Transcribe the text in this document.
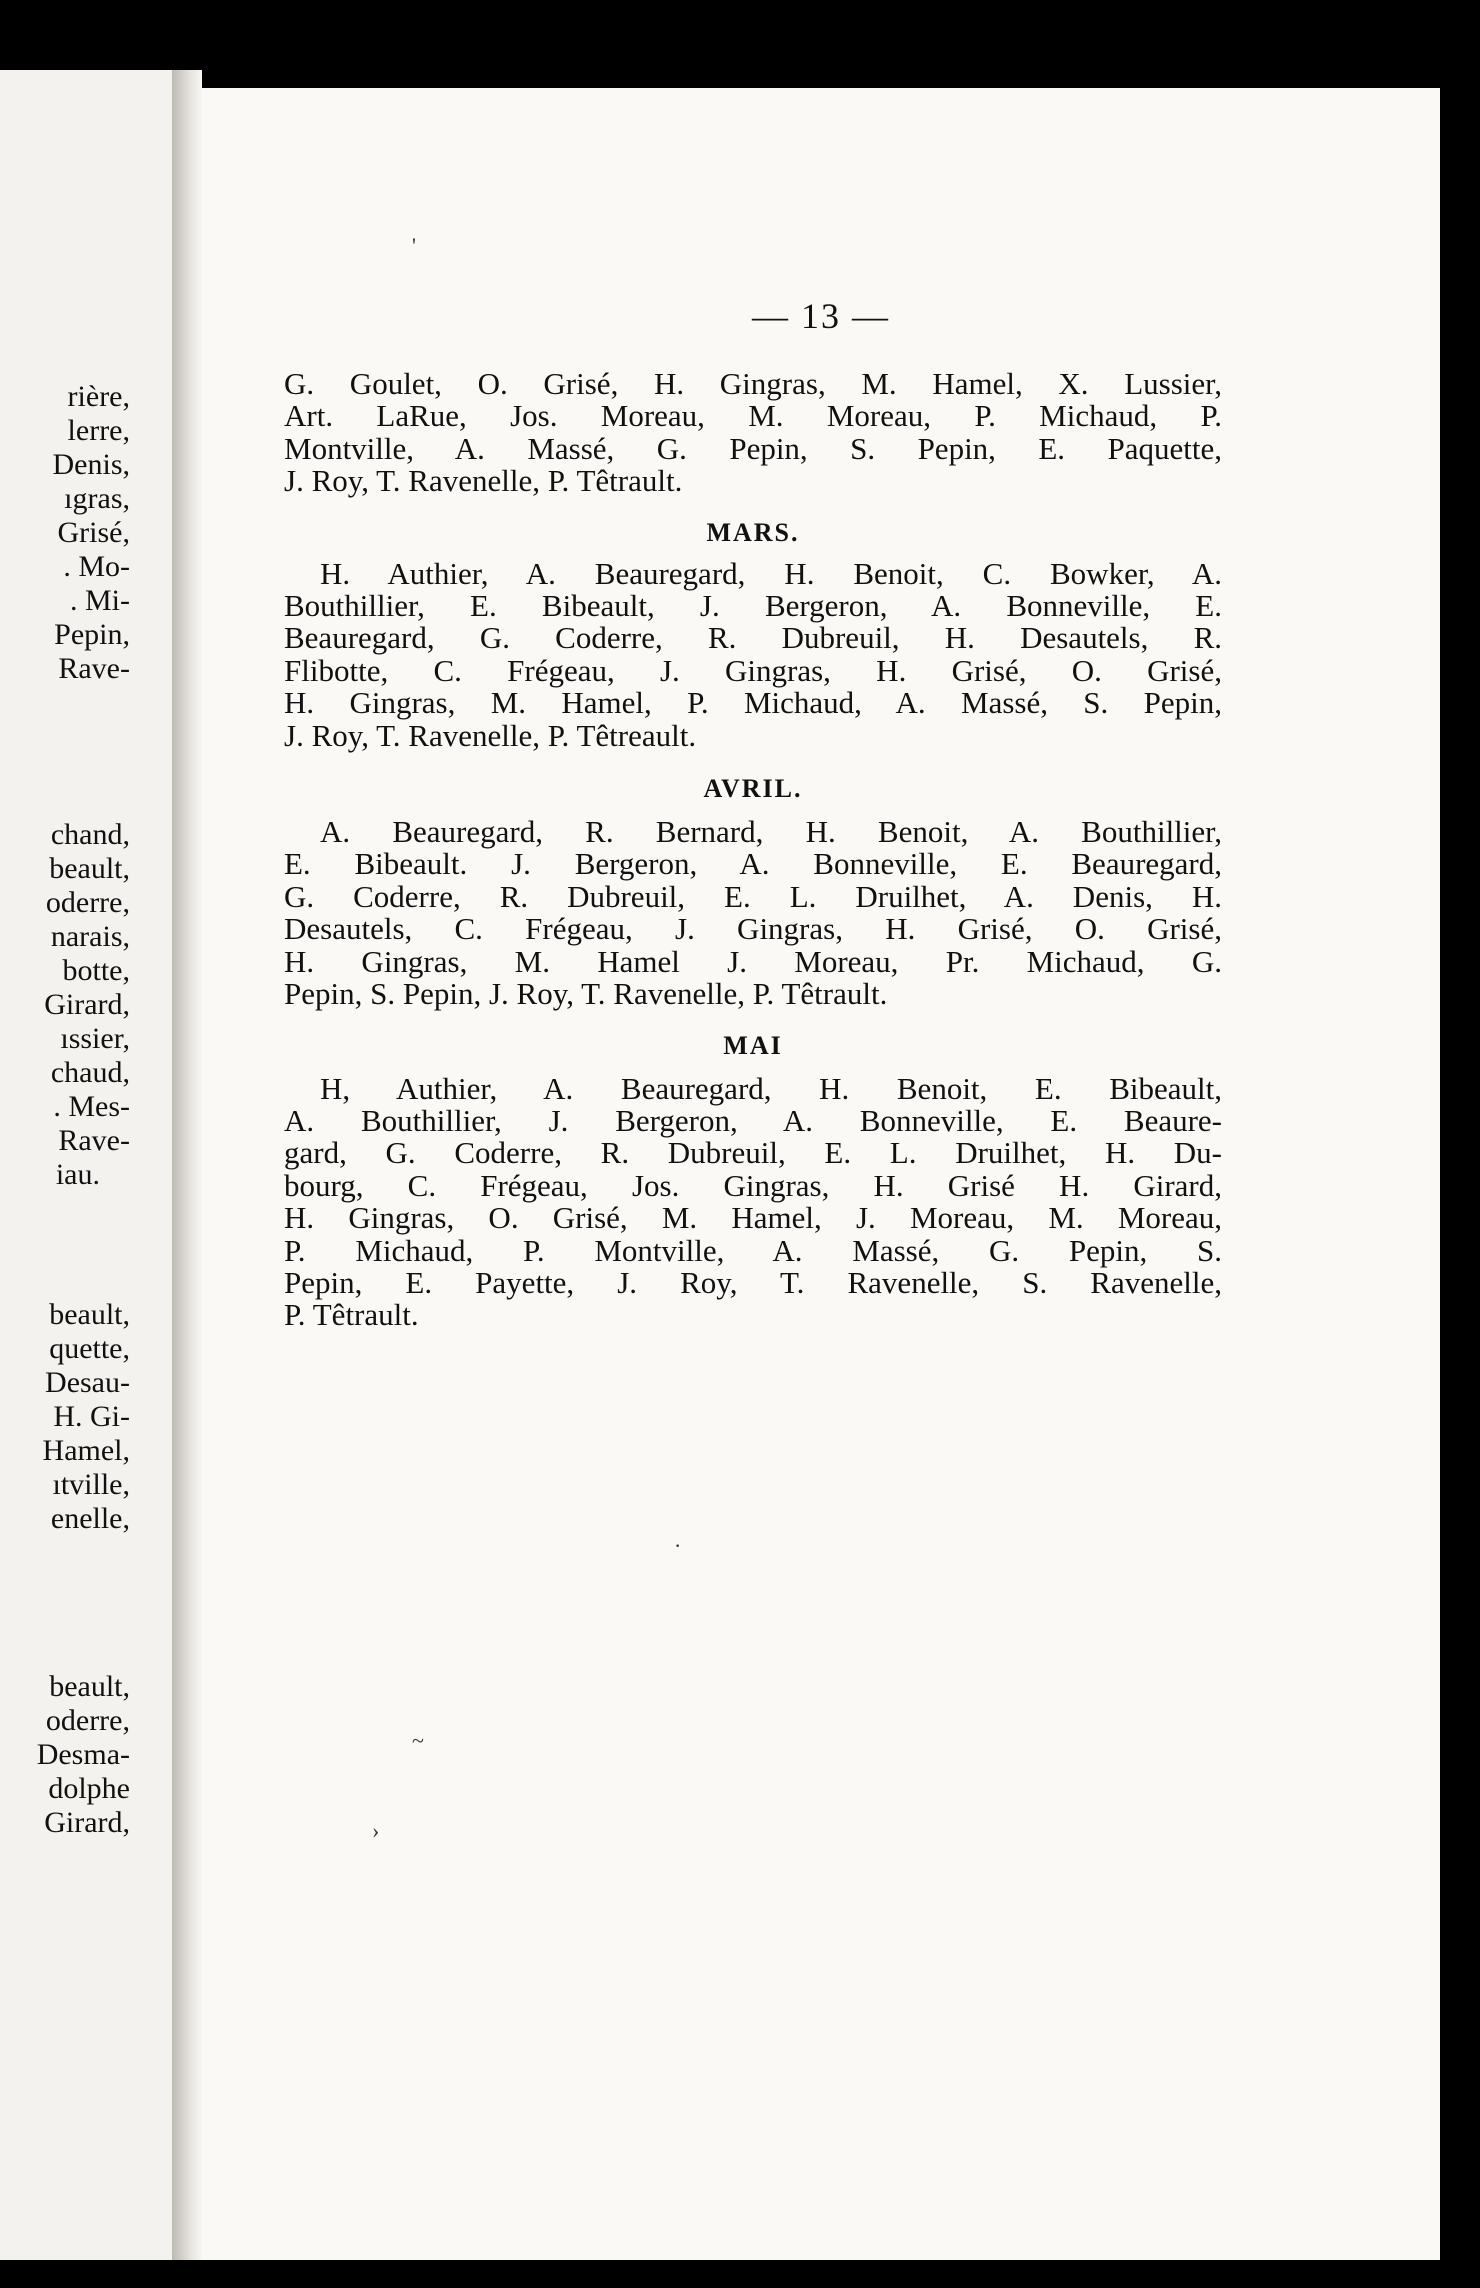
rière,
lerre,
Denis,
ıgras,
Grisé,
. Mo-
. Mi-
Pepin,
Rave-
chand,
beault,
oderre,
narais,
botte,
Girard,
ıssier,
chaud,
. Mes-
Rave-
iau.
beault,
quette,
Desau-
H. Gi-
Hamel,
ıtville,
enelle,
beault,
oderre,
Desma-
dolphe
Girard,
— 13 —
G. Goulet, O. Grisé, H. Gingras, M. Hamel, X. Lussier,
Art. LaRue, Jos. Moreau, M. Moreau, P. Michaud, P.
Montville, A. Massé, G. Pepin, S. Pepin, E. Paquette,
J. Roy, T. Ravenelle, P. Têtrault.
MARS.
H. Authier, A. Beauregard, H. Benoit, C. Bowker, A.
Bouthillier, E. Bibeault, J. Bergeron, A. Bonneville, E.
Beauregard, G. Coderre, R. Dubreuil, H. Desautels, R.
Flibotte, C. Frégeau, J. Gingras, H. Grisé, O. Grisé,
H. Gingras, M. Hamel, P. Michaud, A. Massé, S. Pepin,
J. Roy, T. Ravenelle, P. Têtreault.
AVRIL.
A. Beauregard, R. Bernard, H. Benoit, A. Bouthillier,
E. Bibeault. J. Bergeron, A. Bonneville, E. Beauregard,
G. Coderre, R. Dubreuil, E. L. Druilhet, A. Denis, H.
Desautels, C. Frégeau, J. Gingras, H. Grisé, O. Grisé,
H. Gingras, M. Hamel J. Moreau, Pr. Michaud, G.
Pepin, S. Pepin, J. Roy, T. Ravenelle, P. Têtrault.
MAI
H, Authier, A. Beauregard, H. Benoit, E. Bibeault,
A. Bouthillier, J. Bergeron, A. Bonneville, E. Beaure-
gard, G. Coderre, R. Dubreuil, E. L. Druilhet, H. Du-
bourg, C. Frégeau, Jos. Gingras, H. Grisé H. Girard,
H. Gingras, O. Grisé, M. Hamel, J. Moreau, M. Moreau,
P. Michaud, P. Montville, A. Massé, G. Pepin, S.
Pepin, E. Payette, J. Roy, T. Ravenelle, S. Ravenelle,
P. Têtrault.
'
·
~
›
